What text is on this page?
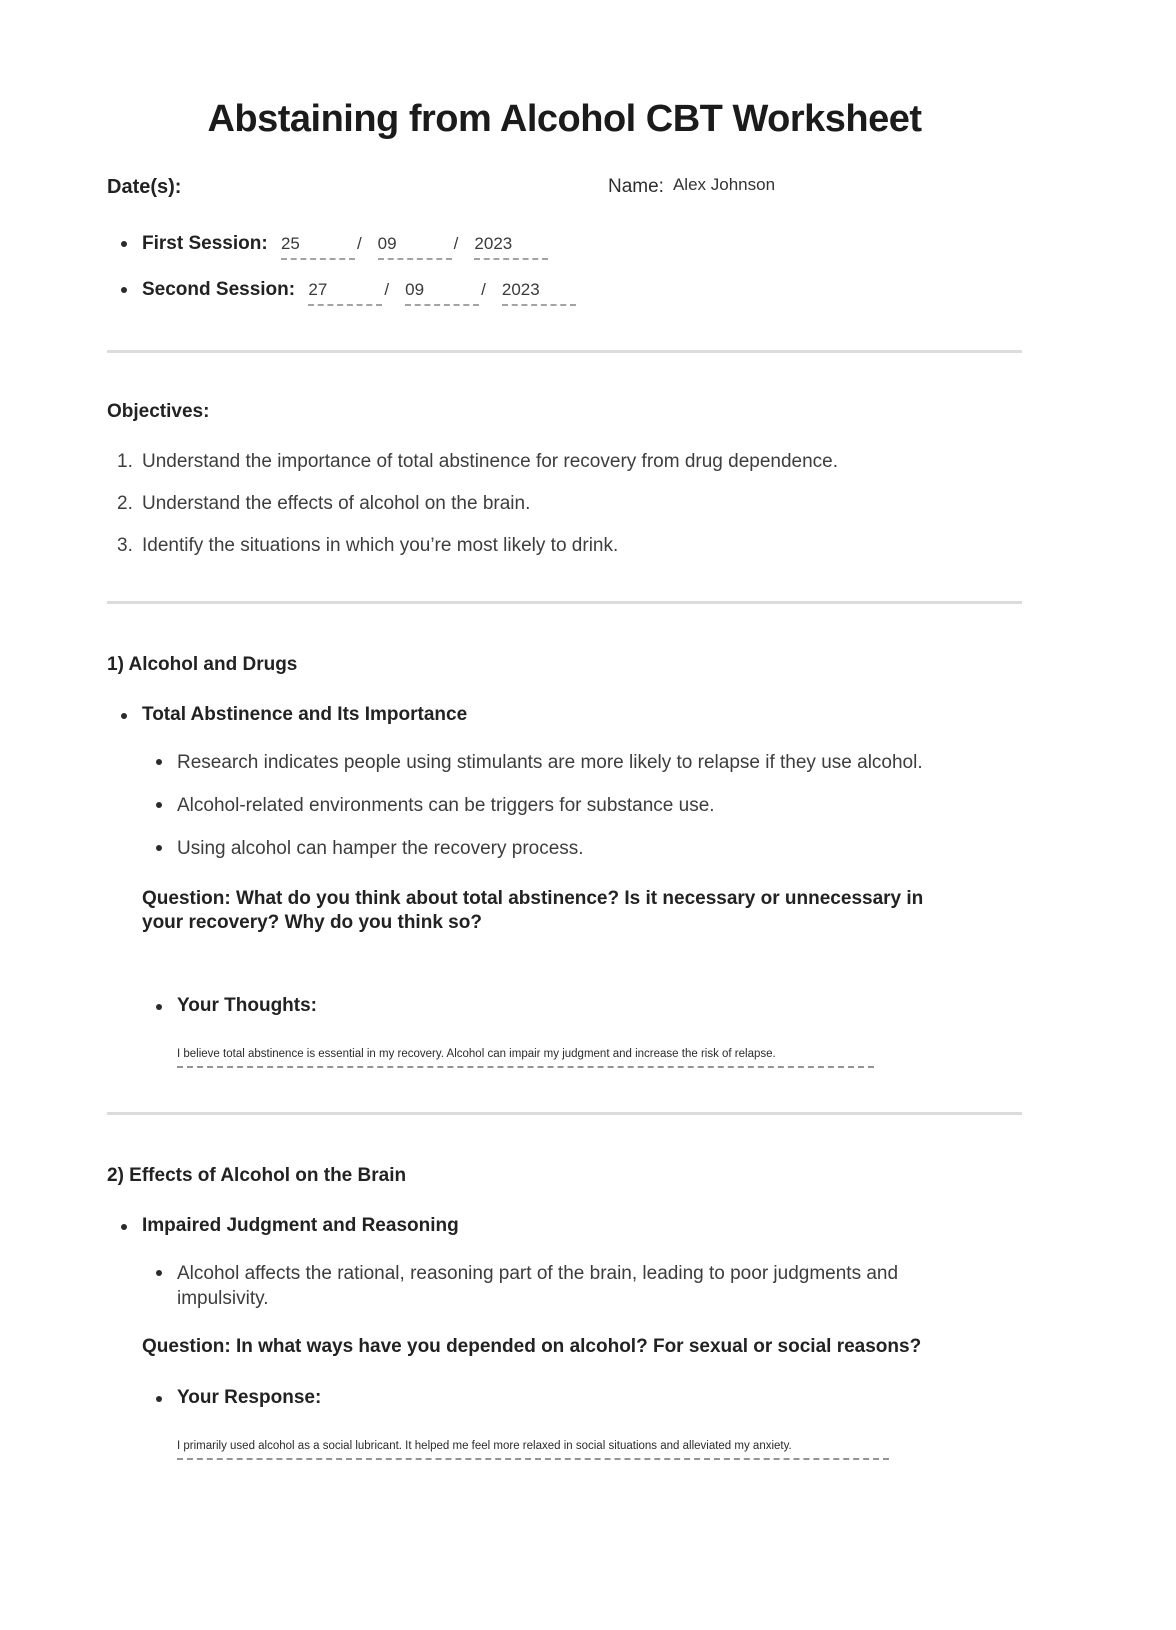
Abstaining from Alcohol CBT Worksheet
Date(s):	Name: Alex Johnson
First Session: 25	/ 09	/ 2023
Second Session: 27	/ 09	/ 2023
Objectives:
1. Understand the importance of total abstinence for recovery from drug dependence.
2. Understand the effects of alcohol on the brain.
3. Identify the situations in which you’re most likely to drink.
1) Alcohol and Drugs
Total Abstinence and Its Importance
Research indicates people using stimulants are more likely to relapse if they use alcohol.
Alcohol-related environments can be triggers for substance use.
Using alcohol can hamper the recovery process.
Question: What do you think about total abstinence? Is it necessary or unnecessary in your recovery? Why do you think so?
Your Thoughts:
I believe total abstinence is essential in my recovery. Alcohol can impair my judgment and increase the risk of relapse.
2) Effects of Alcohol on the Brain
Impaired Judgment and Reasoning
Alcohol affects the rational, reasoning part of the brain, leading to poor judgments and impulsivity.
Question: In what ways have you depended on alcohol? For sexual or social reasons?
Your Response:
I primarily used alcohol as a social lubricant. It helped me feel more relaxed in social situations and alleviated my anxiety.
